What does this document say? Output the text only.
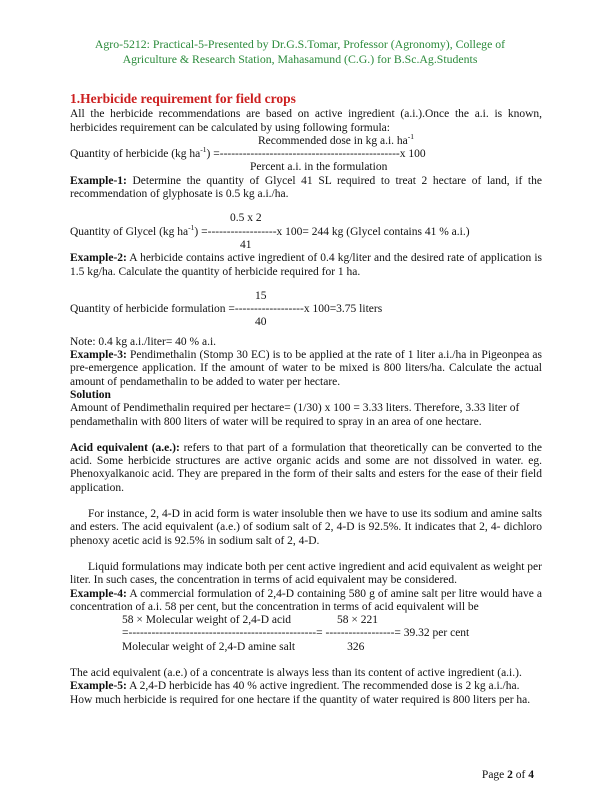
Agro-5212: Practical-5-Presented by Dr.G.S.Tomar, Professor (Agronomy), College of
Agriculture & Research Station, Mahasamund (C.G.) for B.Sc.Ag.Students
1.Herbicide requirement for field crops

All the herbicide recommendations are based on active ingredient (a.i.).Once the a.i. is known, herbicides requirement can be calculated by using following formula:

Recommended dose in kg a.i. $ha^{-1}$

Quantity of herbicide (kg $ha^{-1}) =-----------------------------------------------x$ 100

Percent a.i. in the formulation

Example-1: Determine the quantity of Glycel 41 SL required to treat 2 hectare of land, if the recommendation of glyphosate is 0.5 kg a.i./ha.

0.5 x 2

Quantity of Glycel (kg $ha^{-1}) =------------------x$ 100= 244 kg (Glycel contains 41 % a.i.)

41

Example-2: A herbicide contains active ingredient of 0.4 kg/liter and the desired rate of application is 1.5 kg/ha. Calculate the quantity of herbicide required for 1 ha.

15

Quantity of herbicide formulation =------------------x 100=3.75 liters

40

Note: 0.4 kg a.i./liter= 40 % a.i.

Example-3: Pendimethalin (Stomp 30 EC) is to be applied at the rate of 1 liter a.i./ha in Pigeonpea as pre-emergence application. If the amount of water to be mixed is 800 liters/ha. Calculate the actual amount of pendamethalin to be added to water per hectare.

Solution

Amount of Pendimethalin required per hectare= (1/30) x 100 = 3.33 liters. Therefore, 3.33 liter of pendamethalin with 800 liters of water will be required to spray in an area of one hectare.

Acid equivalent (a.e.): refers to that part of a formulation that theoretically can be converted to the acid. Some herbicide structures are active organic acids and some are not dissolved in water. eg. Phenoxyalkanoic acid. They are prepared in the form of their salts and esters for the ease of their field application.

For instance, 2, 4-D in acid form is water insoluble then we have to use its sodium and amine salts and esters. The acid equivalent (a.e.) of sodium salt of 2, 4-D is 92.5%. It indicates that 2, 4- dichloro phenoxy acetic acid is 92.5% in sodium salt of 2, 4-D.

Liquid formulations may indicate both per cent active ingredient and acid equivalent as weight per liter. In such cases, the concentration in terms of acid equivalent may be considered.

Example-4: A commercial formulation of 2,4-D containing 580 g of amine salt per litre would have a concentration of a.i. 58 per cent, but the concentration in terms of acid equivalent will be

58 × Molecular weight of 2,4-D acid	58 × 221

=-------------------------------------------------= ------------------= 39.32 per cent

Molecular weight of 2,4-D amine salt	326

The acid equivalent (a.e.) of a concentrate is always less than its content of active ingredient (a.i.).

Example-5: A 2,4-D herbicide has 40 % active ingredient. The recommended dose is 2 kg a.i./ha. How much herbicide is required for one hectare if the quantity of water required is 800 liters per ha.

Page 2 of 4
